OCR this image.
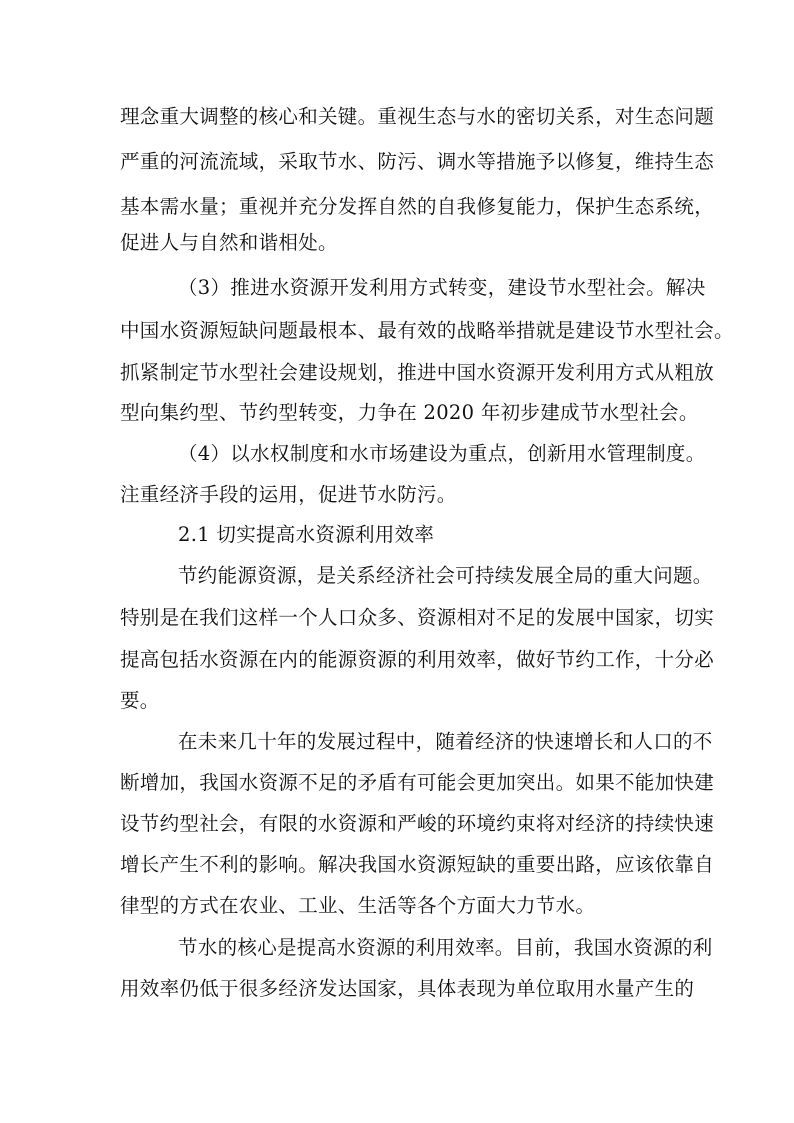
理念重大调整的核心和关键。重视生态与水的密切关系，对生态问题
严重的河流流域，采取节水、防污、调水等措施予以修复，维持生态
基本需水量；重视并充分发挥自然的自我修复能力，保护生态系统，
促进人与自然和谐相处。
（3）推进水资源开发利用方式转变，建设节水型社会。解决
中国水资源短缺问题最根本、最有效的战略举措就是建设节水型社会。
抓紧制定节水型社会建设规划，推进中国水资源开发利用方式从粗放
型向集约型、节约型转变，力争在 2020 年初步建成节水型社会。
（4）以水权制度和水市场建设为重点，创新用水管理制度。
注重经济手段的运用，促进节水防污。
2.1 切实提高水资源利用效率
节约能源资源，是关系经济社会可持续发展全局的重大问题。
特别是在我们这样一个人口众多、资源相对不足的发展中国家，切实
提高包括水资源在内的能源资源的利用效率，做好节约工作，十分必
要。
在未来几十年的发展过程中，随着经济的快速增长和人口的不
断增加，我国水资源不足的矛盾有可能会更加突出。如果不能加快建
设节约型社会，有限的水资源和严峻的环境约束将对经济的持续快速
增长产生不利的影响。解决我国水资源短缺的重要出路，应该依靠自
律型的方式在农业、工业、生活等各个方面大力节水。
节水的核心是提高水资源的利用效率。目前，我国水资源的利
用效率仍低于很多经济发达国家，具体表现为单位取用水量产生的
